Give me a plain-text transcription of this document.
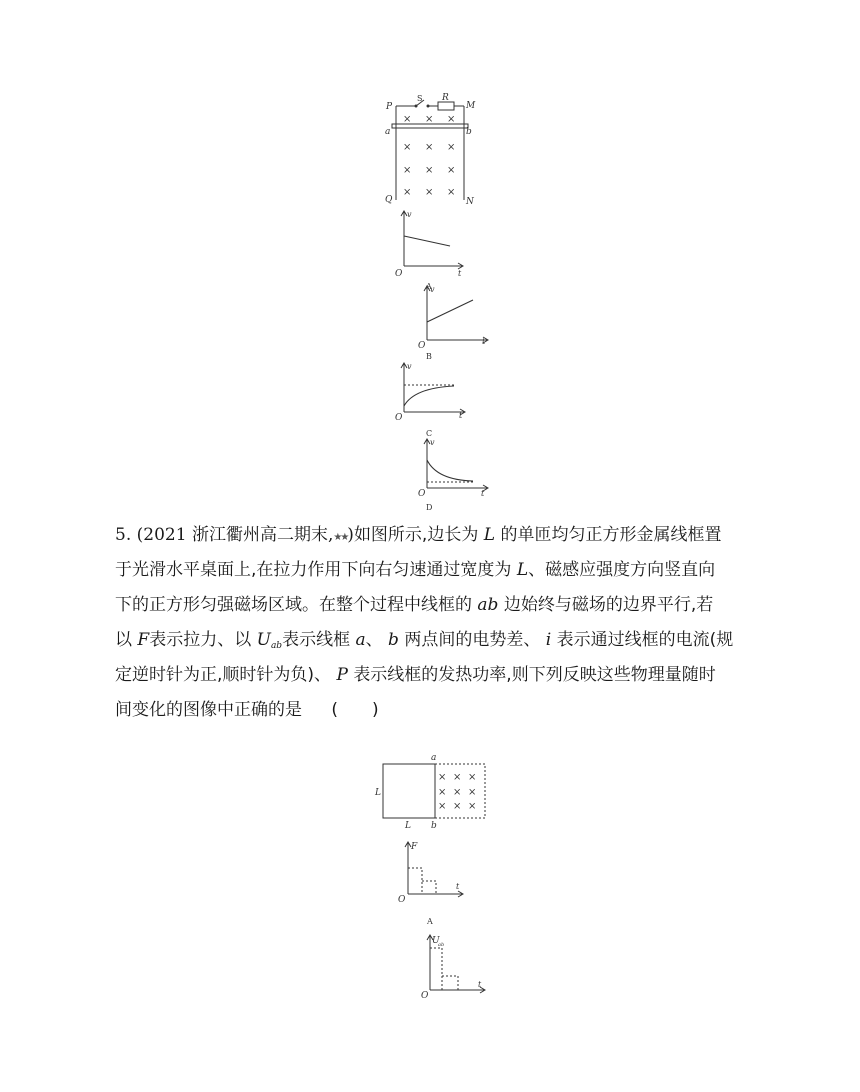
P
S R
M
a	b
Q	N
× × ×
× × ×
× × ×
× × ×
v
t
O
A
v
t
O
B
v
t
O
C
v
t
O
D
5. (2021 浙江衢州高二期末,★★)如图所示,边长为 L 的单匝均匀正方形金属线框置
于光滑水平桌面上,在拉力作用下向右匀速通过宽度为 L、磁感应强度方向竖直向
下的正方形匀强磁场区域。在整个过程中线框的 ab 边始终与磁场的边界平行,若
以 F表示拉力、以 $U_{ab}$表示线框 a、 b 两点间的电势差、 i 表示通过线框的电流(规
定逆时针为正,顺时针为负)、 P 表示线框的发热功率,则下列反映这些物理量随时
间变化的图像中正确的是 (　　)
L
L
a
b
× × ×
× × ×
× × ×
F
t
O
A
U
ab
t
O
